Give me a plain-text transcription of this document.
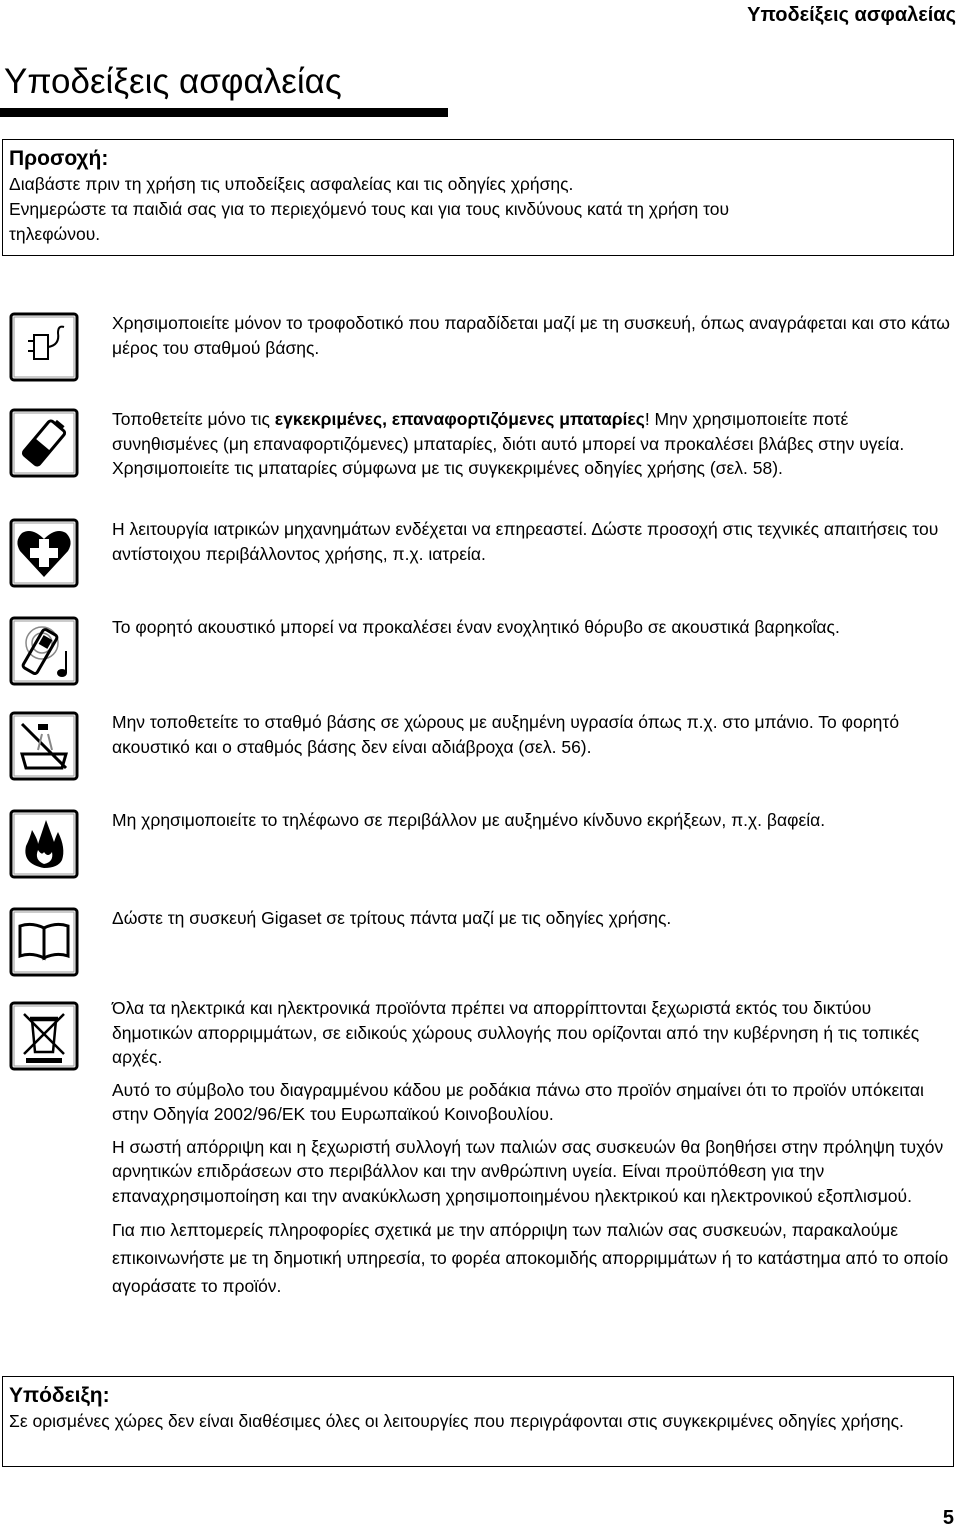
Υποδείξεις ασφαλείας
Υποδείξεις ασφαλείας
Προσοχή:
Διαβάστε πριν τη χρήση τις υποδείξεις ασφαλείας και τις οδηγίες χρήσης.
Ενημερώστε τα παιδιά σας για το περιεχόμενό τους και για τους κινδύνους κατά τη χρήση του
τηλεφώνου.

Χρησιμοποιείτε μόνον το τροφοδοτικό που παραδίδεται μαζί με τη συσκευή, όπως αναγράφεται και στο κάτω μέρος του σταθμού βάσης.

Τοποθετείτε μόνο τις εγκεκριμένες, επαναφορτιζόμενες μπαταρίες! Μην χρησιμοποιείτε ποτέ συνηθισμένες (μη επαναφορτιζόμενες) μπαταρίες, διότι αυτό μπορεί να προκαλέσει βλάβες στην υγεία. Χρησιμοποιείτε τις μπαταρίες σύμφωνα με τις συγκεκριμένες οδηγίες χρήσης (σελ. 58).

Η λειτουργία ιατρικών μηχανημάτων ενδέχεται να επηρεαστεί. Δώστε προσοχή στις τεχνικές απαιτήσεις του αντίστοιχου περιβάλλοντος χρήσης, π.χ. ιατρεία.

Το φορητό ακουστικό μπορεί να προκαλέσει έναν ενοχλητικό θόρυβο σε ακουστικά βαρηκοΐας.

Μην τοποθετείτε το σταθμό βάσης σε χώρους με αυξημένη υγρασία όπως π.χ. στο μπάνιο. Το φορητό ακουστικό και ο σταθμός βάσης δεν είναι αδιάβροχα (σελ. 56).

Μη χρησιμοποιείτε το τηλέφωνο σε περιβάλλον με αυξημένο κίνδυνο εκρήξεων, π.χ. βαφεία.

Δώστε τη συσκευή Gigaset σε τρίτους πάντα μαζί με τις οδηγίες χρήσης.

Όλα τα ηλεκτρικά και ηλεκτρονικά προϊόντα πρέπει να απορρίπτονται ξεχωριστά εκτός του δικτύου δημοτικών απορριμμάτων, σε ειδικούς χώρους συλλογής που ορίζονται από την κυβέρνηση ή τις τοπικές αρχές.

Αυτό το σύμβολο του διαγραμμένου κάδου με ροδάκια πάνω στο προϊόν σημαίνει ότι το προϊόν υπόκειται στην Οδηγία 2002/96/ΕΚ του Ευρωπαϊκού Κοινοβουλίου.

Η σωστή απόρριψη και η ξεχωριστή συλλογή των παλιών σας συσκευών θα βοηθήσει στην πρόληψη τυχόν αρνητικών επιδράσεων στο περιβάλλον και την ανθρώπινη υγεία. Είναι προϋπόθεση για την επαναχρησιμοποίηση και την ανακύκλωση χρησιμοποιημένου ηλεκτρικού και ηλεκτρονικού εξοπλισμού.

Για πιο λεπτομερείς πληροφορίες σχετικά με την απόρριψη των παλιών σας συσκευών, παρακαλούμε επικοινωνήστε με τη δημοτική υπηρεσία, το φορέα αποκομιδής απορριμμάτων ή το κατάστημα από το οποίο αγοράσατε το προϊόν.

Υπόδειξη:
Σε ορισμένες χώρες δεν είναι διαθέσιμες όλες οι λειτουργίες που περιγράφονται στις συγκεκριμένες οδηγίες χρήσης.
5
